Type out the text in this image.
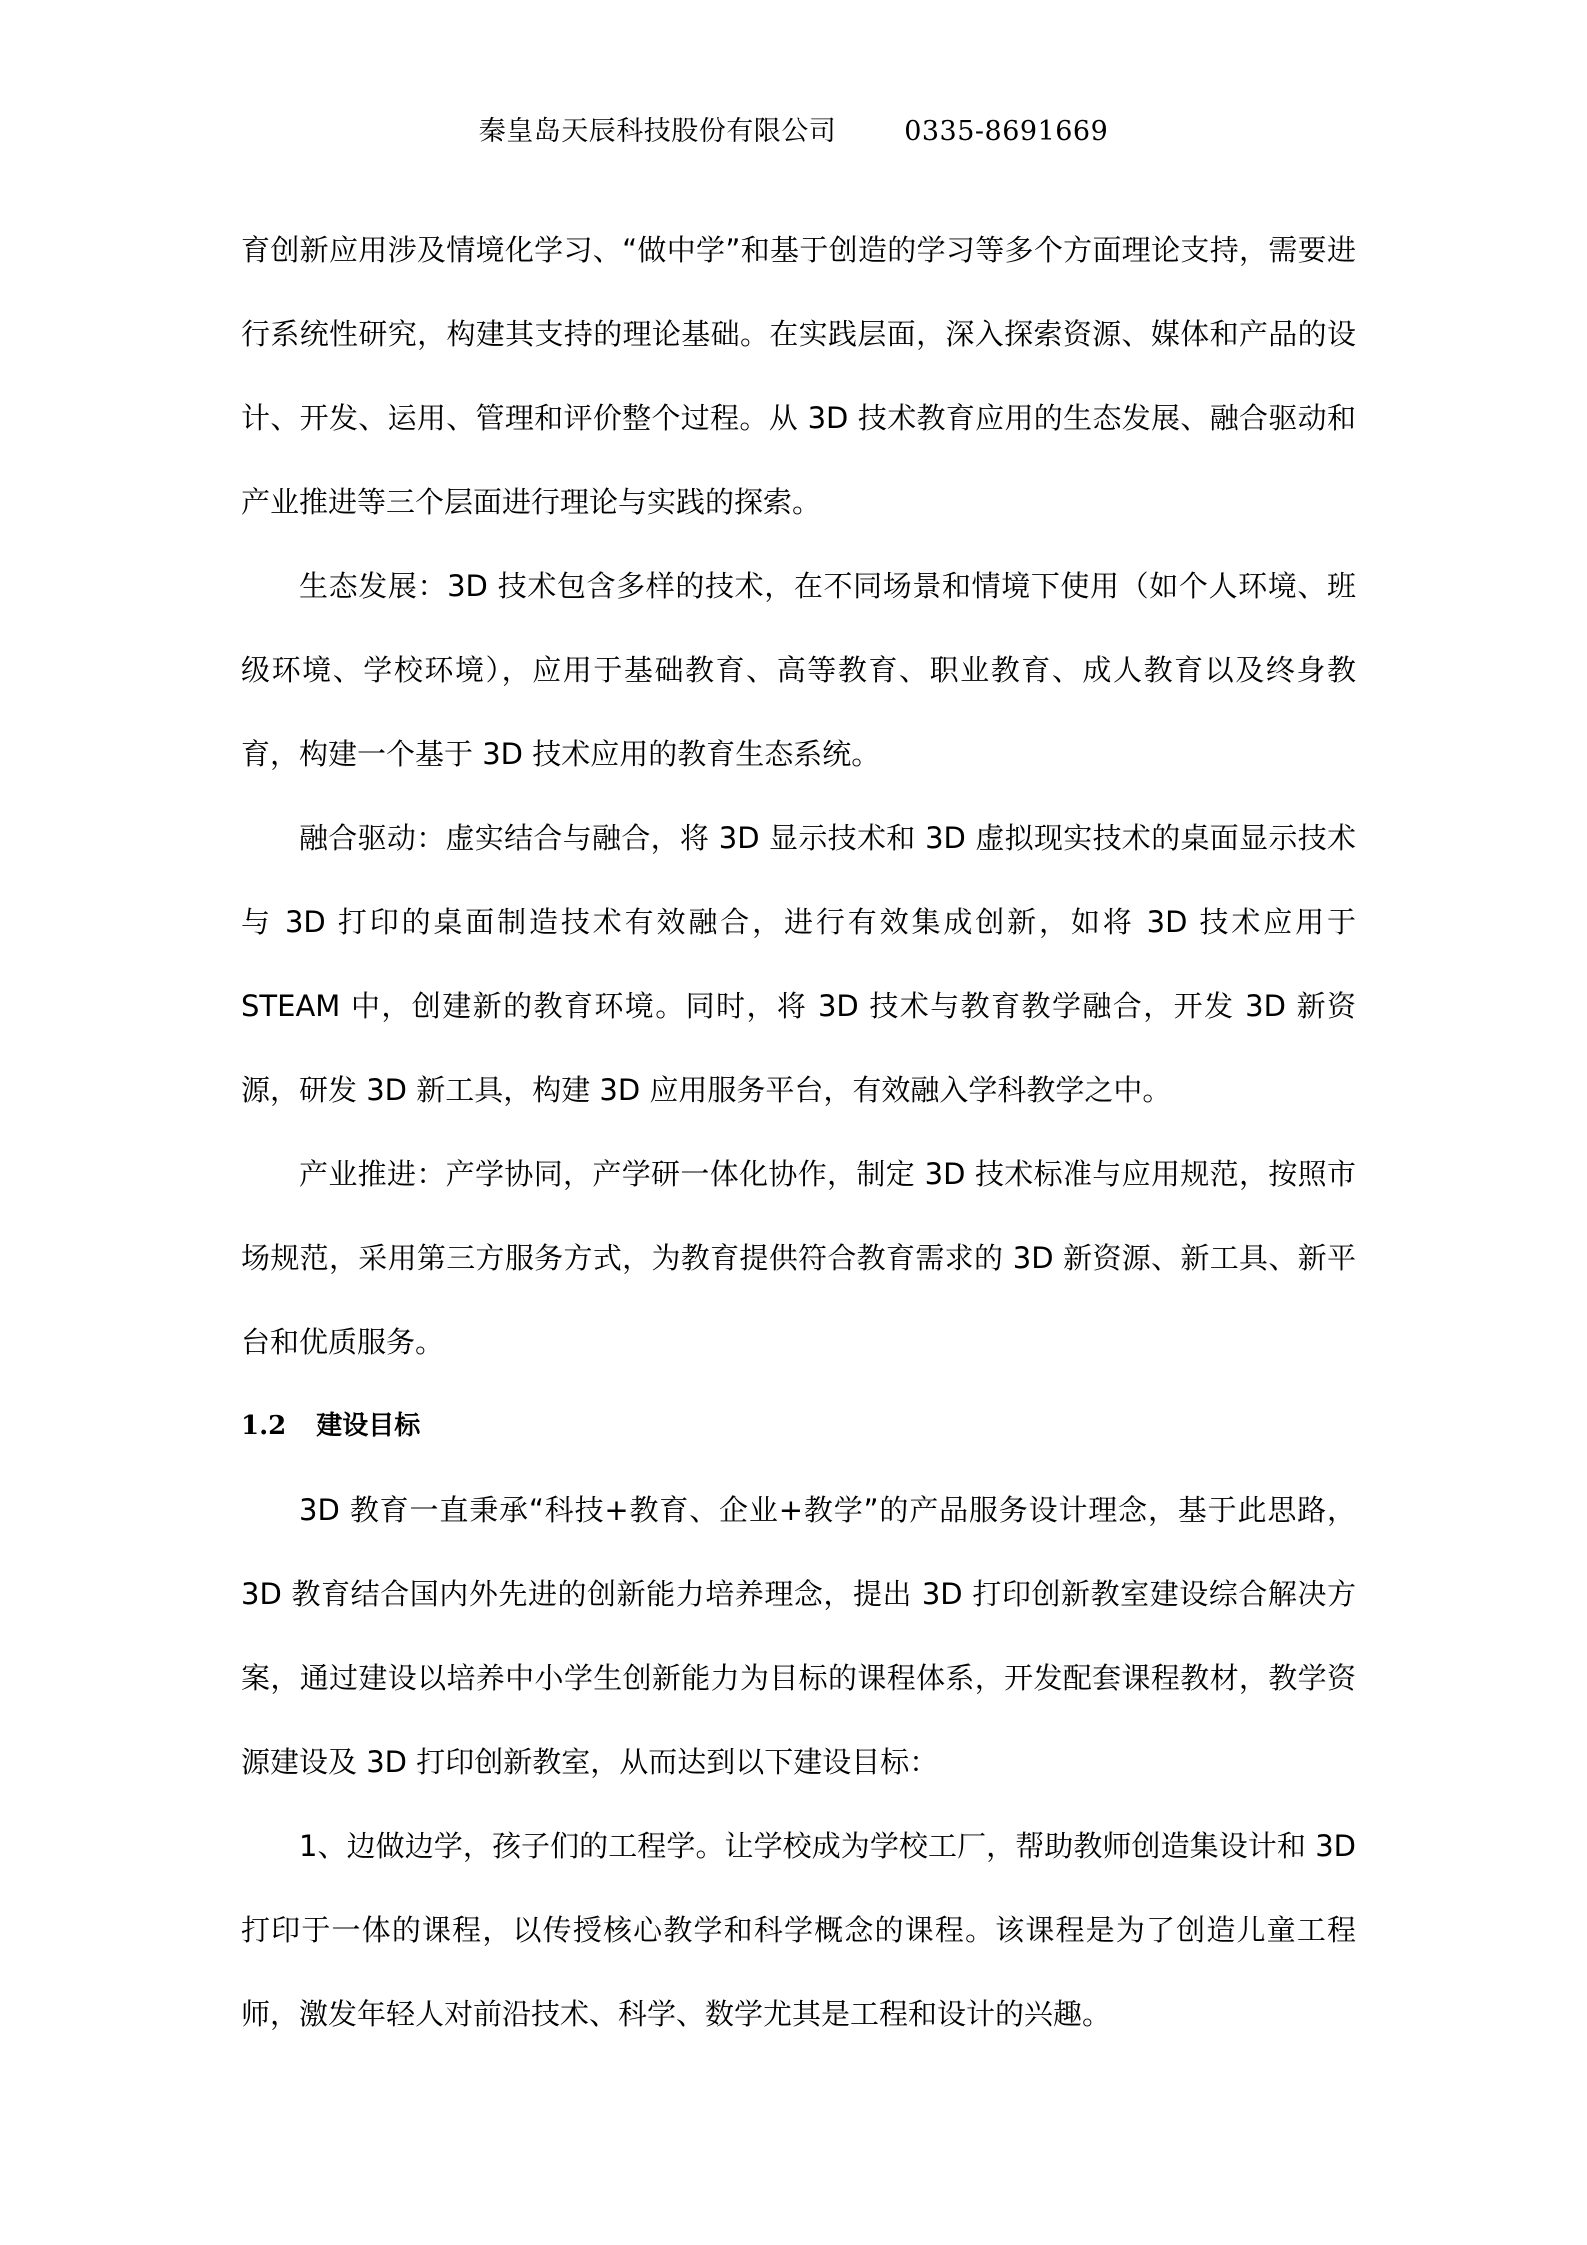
秦皇岛天辰科技股份有限公司	0335-8691669

育创新应用涉及情境化学习、“做中学”和基于创造的学习等多个方面理论支持，需要进行系统性研究，构建其支持的理论基础。在实践层面，深入探索资源、媒体和产品的设计、开发、运用、管理和评价整个过程。从 3D 技术教育应用的生态发展、融合驱动和产业推进等三个层面进行理论与实践的探索。

生态发展：3D 技术包含多样的技术，在不同场景和情境下使用（如个人环境、班级环境、学校环境），应用于基础教育、高等教育、职业教育、成人教育以及终身教育，构建一个基于 3D 技术应用的教育生态系统。

融合驱动：虚实结合与融合，将 3D 显示技术和 3D 虚拟现实技术的桌面显示技术与 3D 打印的桌面制造技术有效融合，进行有效集成创新，如将 3D 技术应用于 STEAM 中，创建新的教育环境。同时，将 3D 技术与教育教学融合，开发 3D 新资源，研发 3D 新工具，构建 3D 应用服务平台，有效融入学科教学之中。

产业推进：产学协同，产学研一体化协作，制定 3D 技术标准与应用规范，按照市场规范，采用第三方服务方式，为教育提供符合教育需求的 3D 新资源、新工具、新平台和优质服务。

1.2 建设目标

3D 教育一直秉承“科技+教育、企业+教学”的产品服务设计理念，基于此思路，3D 教育结合国内外先进的创新能力培养理念，提出 3D 打印创新教室建设综合解决方案，通过建设以培养中小学生创新能力为目标的课程体系，开发配套课程教材，教学资源建设及 3D 打印创新教室，从而达到以下建设目标：

1、边做边学，孩子们的工程学。让学校成为学校工厂，帮助教师创造集设计和 3D 打印于一体的课程，以传授核心教学和科学概念的课程。该课程是为了创造儿童工程师，激发年轻人对前沿技术、科学、数学尤其是工程和设计的兴趣。
